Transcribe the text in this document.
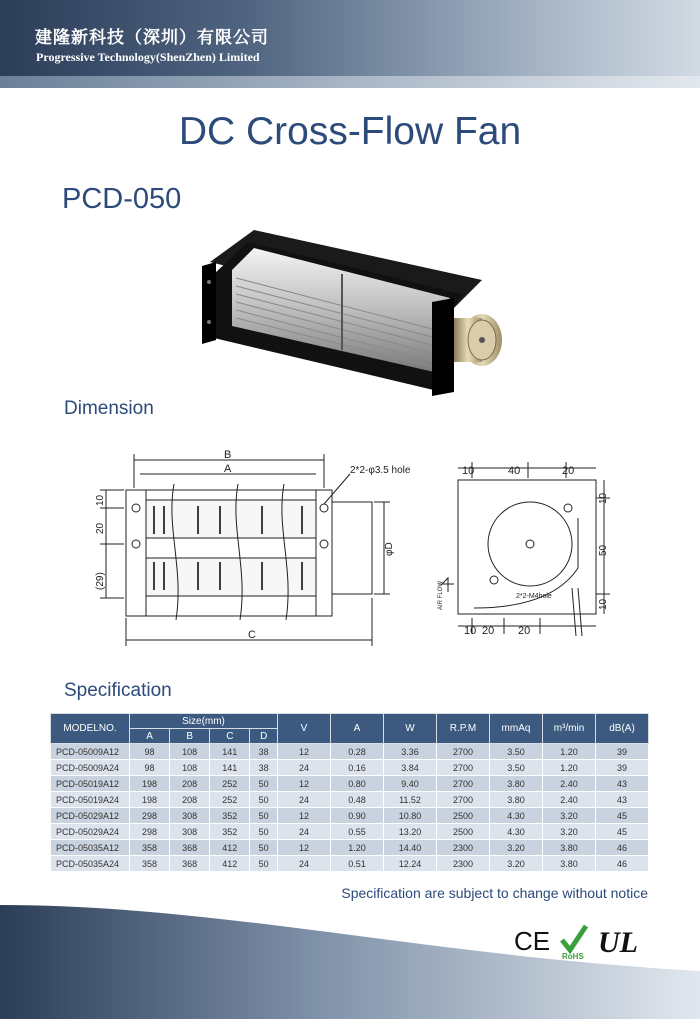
建隆新科技（深圳）有限公司
Progressive Technology(ShenZhen) Limited
DC Cross-Flow Fan
PCD-050
Dimension
B
A
C
2*2-φ3.5 hole
φD
10
20
(29)
10	40	20
10
50
10
10 20 20
2*2-M4hole
AIR FLOW
Specification
MODELNO.	Size(mm)				V	A	W	R.P.M	mmAq	m³/min	dB(A)
	A	B	C	D							
PCD-05009A12	98	108	141	38	12	0.28	3.36	2700	3.50	1.20	39
PCD-05009A24	98	108	141	38	24	0.16	3.84	2700	3.50	1.20	39
PCD-05019A12	198	208	252	50	12	0.80	9.40	2700	3.80	2.40	43
PCD-05019A24	198	208	252	50	24	0.48	11.52	2700	3.80	2.40	43
PCD-05029A12	298	308	352	50	12	0.90	10.80	2500	4.30	3.20	45
PCD-05029A24	298	308	352	50	24	0.55	13.20	2500	4.30	3.20	45
PCD-05035A12	358	368	412	50	12	1.20	14.40	2300	3.20	3.80	46
PCD-05035A24	358	368	412	50	24	0.51	12.24	2300	3.20	3.80	46
Specification are subject to change without notice
CE
RoHS UL
